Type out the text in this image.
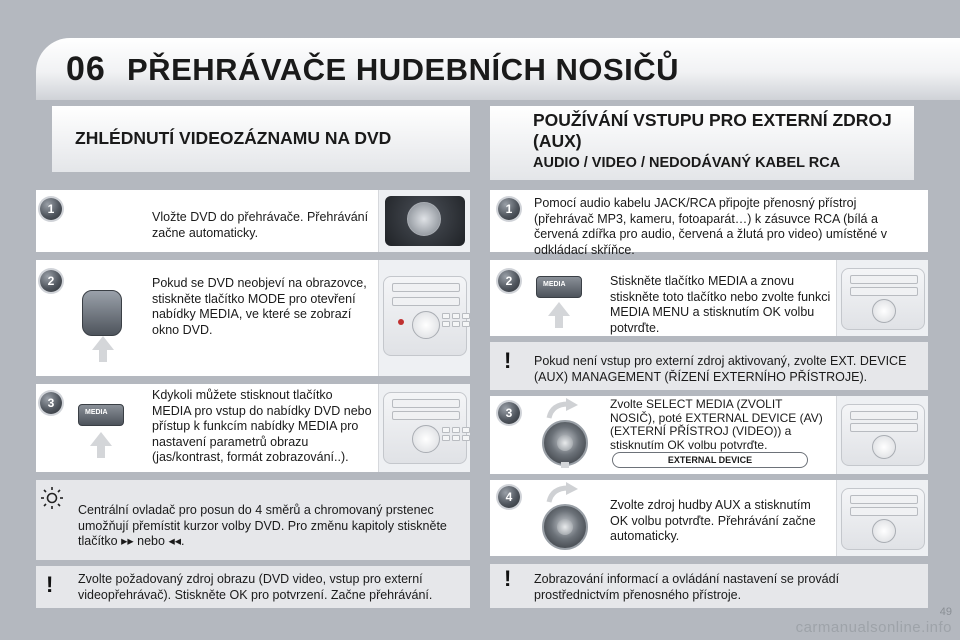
06 PŘEHRÁVAČE HUDEBNÍCH NOSIČŮ
ZHLÉDNUTÍ VIDEOZÁZNAMU NA DVD
POUŽÍVÁNÍ VSTUPU PRO EXTERNÍ ZDROJ (AUX)
AUDIO / VIDEO / NEDODÁVANÝ KABEL RCA
1
Vložte DVD do přehrávače. Přehrávání začne automaticky.
2	Pokud se DVD neobjeví na obrazovce, stiskněte tlačítko MODE pro otevření nabídky MEDIA, ve které se zobrazí okno DVD.
3
MEDIA
Kdykoli můžete stisknout tlačítko MEDIA pro vstup do nabídky DVD nebo přístup k funkcím nabídky MEDIA pro nastavení parametrů obrazu (jas/kontrast, formát zobrazování..).
Centrální ovladač pro posun do 4 směrů a chromovaný prstenec umožňují přemístit kurzor volby DVD. Pro změnu kapitoly stiskněte tlačítko ▸▸ nebo ◂◂.
! Zvolte požadovaný zdroj obrazu (DVD video, vstup pro externí videopřehrávač). Stiskněte OK pro potvrzení. Začne přehrávání.
1	Pomocí audio kabelu JACK/RCA připojte přenosný přístroj (přehrávač MP3, kameru, fotoaparát…) k zásuvce RCA (bílá a červená zdířka pro audio, červená a žlutá pro video) umístěné v odkládací skříňce.
2	MEDIA	Stiskněte tlačítko MEDIA a znovu stiskněte toto tlačítko nebo zvolte funkci MEDIA MENU a stisknutím OK volbu potvrďte.
! Pokud není vstup pro externí zdroj aktivovaný, zvolte EXT. DEVICE (AUX) MANAGEMENT (ŘÍZENÍ EXTERNÍHO PŘÍSTROJE).
3
Zvolte SELECT MEDIA (ZVOLIT NOSIČ), poté EXTERNAL DEVICE (AV) (EXTERNÍ PŘÍSTROJ (VIDEO)) a stisknutím OK volbu potvrďte.
EXTERNAL DEVICE
4
Zvolte zdroj hudby AUX a stisknutím OK volbu potvrďte. Přehrávání začne automaticky.
! Zobrazování informací a ovládání nastavení se provádí prostřednictvím přenosného přístroje.
carmanualsonline.info
49
